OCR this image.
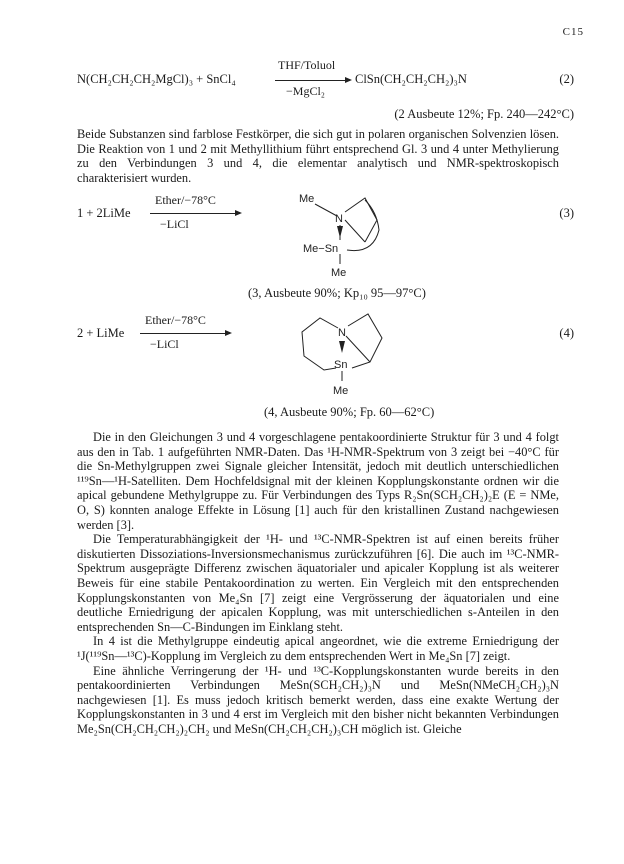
C15
N(CH₂CH₂CH₂MgCl)₃ + SnCl₄
THF/Toluol
−MgCl₂
ClSn(CH₂CH₂CH₂)₃N	(2)
(2 Ausbeute 12%; Fp. 240—242°C)

Beide Substanzen sind farblose Festkörper, die sich gut in polaren organischen Solvenzien lösen. Die Reaktion von 1 und 2 mit Methyllithium führt entsprechend Gl. 3 und 4 unter Methylierung zu den Verbindungen 3 und 4, die elementar analytisch und NMR-spektroskopisch charakterisiert wurden.

1 + 2LiMe
Ether/−78°C
−LiCl
Me
N
Me−Sn
Me
(3)
(3, Ausbeute 90%; Kp₁₀ 95—97°C)
2 + LiMe
Ether/−78°C
−LiCl
N
Sn
Me
(4)
(4, Ausbeute 90%; Fp. 60—62°C)

Die in den Gleichungen 3 und 4 vorgeschlagene pentakoordinierte Struktur für 3 und 4 folgt aus den in Tab. 1 aufgeführten NMR-Daten. Das ¹H-NMR-Spektrum von 3 zeigt bei −40°C für die Sn-Methylgruppen zwei Signale gleicher Intensität, jedoch mit deutlich unterschiedlichen ¹¹⁹Sn—¹H-Satelliten. Dem Hochfeldsignal mit der kleinen Kopplungskonstante ordnen wir die apical gebundene Methylgruppe zu. Für Verbindungen des Typs R₂Sn(SCH₂CH₂)₂E (E = NMe, O, S) konnten analoge Effekte in Lösung [1] auch für den kristallinen Zustand nachgewiesen werden [3].

Die Temperaturabhängigkeit der ¹H- und ¹³C-NMR-Spektren ist auf einen bereits früher diskutierten Dissoziations-Inversionsmechanismus zurückzuführen [6]. Die auch im ¹³C-NMR-Spektrum ausgeprägte Differenz zwischen äquatorialer und apicaler Kopplung ist als weiterer Beweis für eine stabile Pentakoordination zu werten. Ein Vergleich mit den entsprechenden Kopplungskonstanten von Me₄Sn [7] zeigt eine Vergrösserung der äquatorialen und eine deutliche Erniedrigung der apicalen Kopplung, was mit unterschiedlichen s-Anteilen in den entsprechenden Sn—C-Bindungen im Einklang steht.

In 4 ist die Methylgruppe eindeutig apical angeordnet, wie die extreme Erniedrigung der ¹J(¹¹⁹Sn—¹³C)-Kopplung im Vergleich zu dem entsprechenden Wert in Me₄Sn [7] zeigt.

Eine ähnliche Verringerung der ¹H- und ¹³C-Kopplungskonstanten wurde bereits in den pentakoordinierten Verbindungen MeSn(SCH₂CH₂)₃N und MeSn(NMeCH₂CH₂)₃N nachgewiesen [1]. Es muss jedoch kritisch bemerkt werden, dass eine exakte Wertung der Kopplungskonstanten in 3 und 4 erst im Vergleich mit den bisher nicht bekannten Verbindungen Me₂Sn(CH₂CH₂CH₂)₂CH₂ und MeSn(CH₂CH₂CH₂)₃CH möglich ist. Gleiche
